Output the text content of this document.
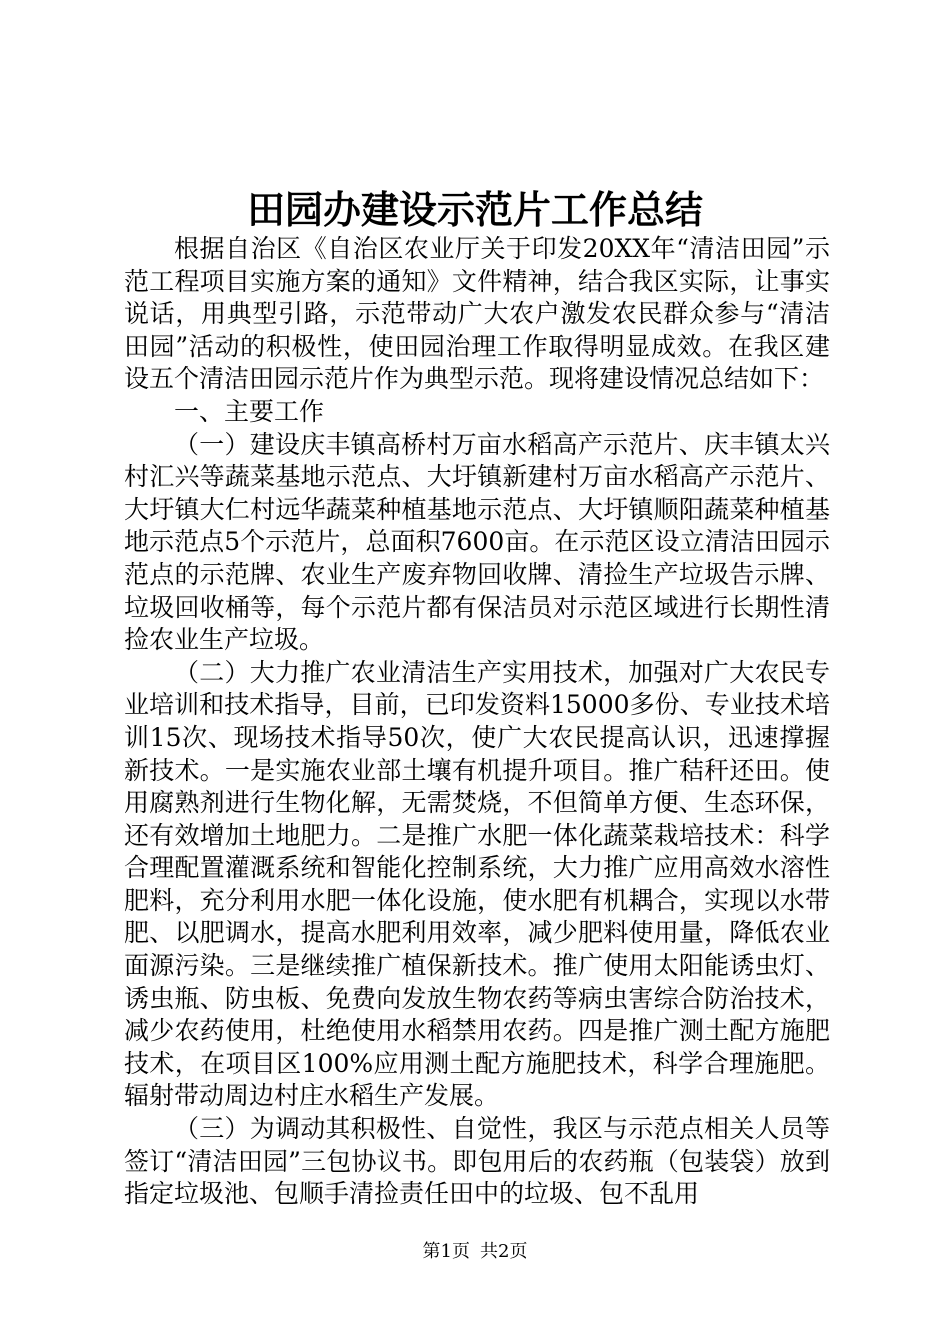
田园办建设示范片工作总结

根据自治区《自治区农业厅关于印发20XX年“清洁田园”示范工程项目实施方案的通知》文件精神，结合我区实际，让事实说话，用典型引路，示范带动广大农户激发农民群众参与“清洁田园”活动的积极性，使田园治理工作取得明显成效。在我区建设五个清洁田园示范片作为典型示范。现将建设情况总结如下：

一、主要工作

（一）建设庆丰镇高桥村万亩水稻高产示范片、庆丰镇太兴村汇兴等蔬菜基地示范点、大圩镇新建村万亩水稻高产示范片、大圩镇大仁村远华蔬菜种植基地示范点、大圩镇顺阳蔬菜种植基地示范点5个示范片，总面积7600亩。在示范区设立清洁田园示范点的示范牌、农业生产废弃物回收牌、清捡生产垃圾告示牌、垃圾回收桶等，每个示范片都有保洁员对示范区域进行长期性清捡农业生产垃圾。

（二）大力推广农业清洁生产实用技术，加强对广大农民专业培训和技术指导，目前，已印发资料15000多份、专业技术培训15次、现场技术指导50次，使广大农民提高认识，迅速撑握新技术。一是实施农业部土壤有机提升项目。推广秸秆还田。使用腐熟剂进行生物化解，无需焚烧，不但简单方便、生态环保，还有效增加土地肥力。二是推广水肥一体化蔬菜栽培技术：科学合理配置灌溉系统和智能化控制系统，大力推广应用高效水溶性肥料，充分利用水肥一体化设施，使水肥有机耦合，实现以水带肥、以肥调水，提高水肥利用效率，减少肥料使用量，降低农业面源污染。三是继续推广植保新技术。推广使用太阳能诱虫灯、诱虫瓶、防虫板、免费向发放生物农药等病虫害综合防治技术，减少农药使用，杜绝使用水稻禁用农药。四是推广测土配方施肥技术，在项目区100%应用测土配方施肥技术，科学合理施肥。辐射带动周边村庄水稻生产发展。

（三）为调动其积极性、自觉性，我区与示范点相关人员等签订“清洁田园”三包协议书。即包用后的农药瓶（包装袋）放到指定垃圾池、包顺手清捡责任田中的垃圾、包不乱用

第1页 共2页
